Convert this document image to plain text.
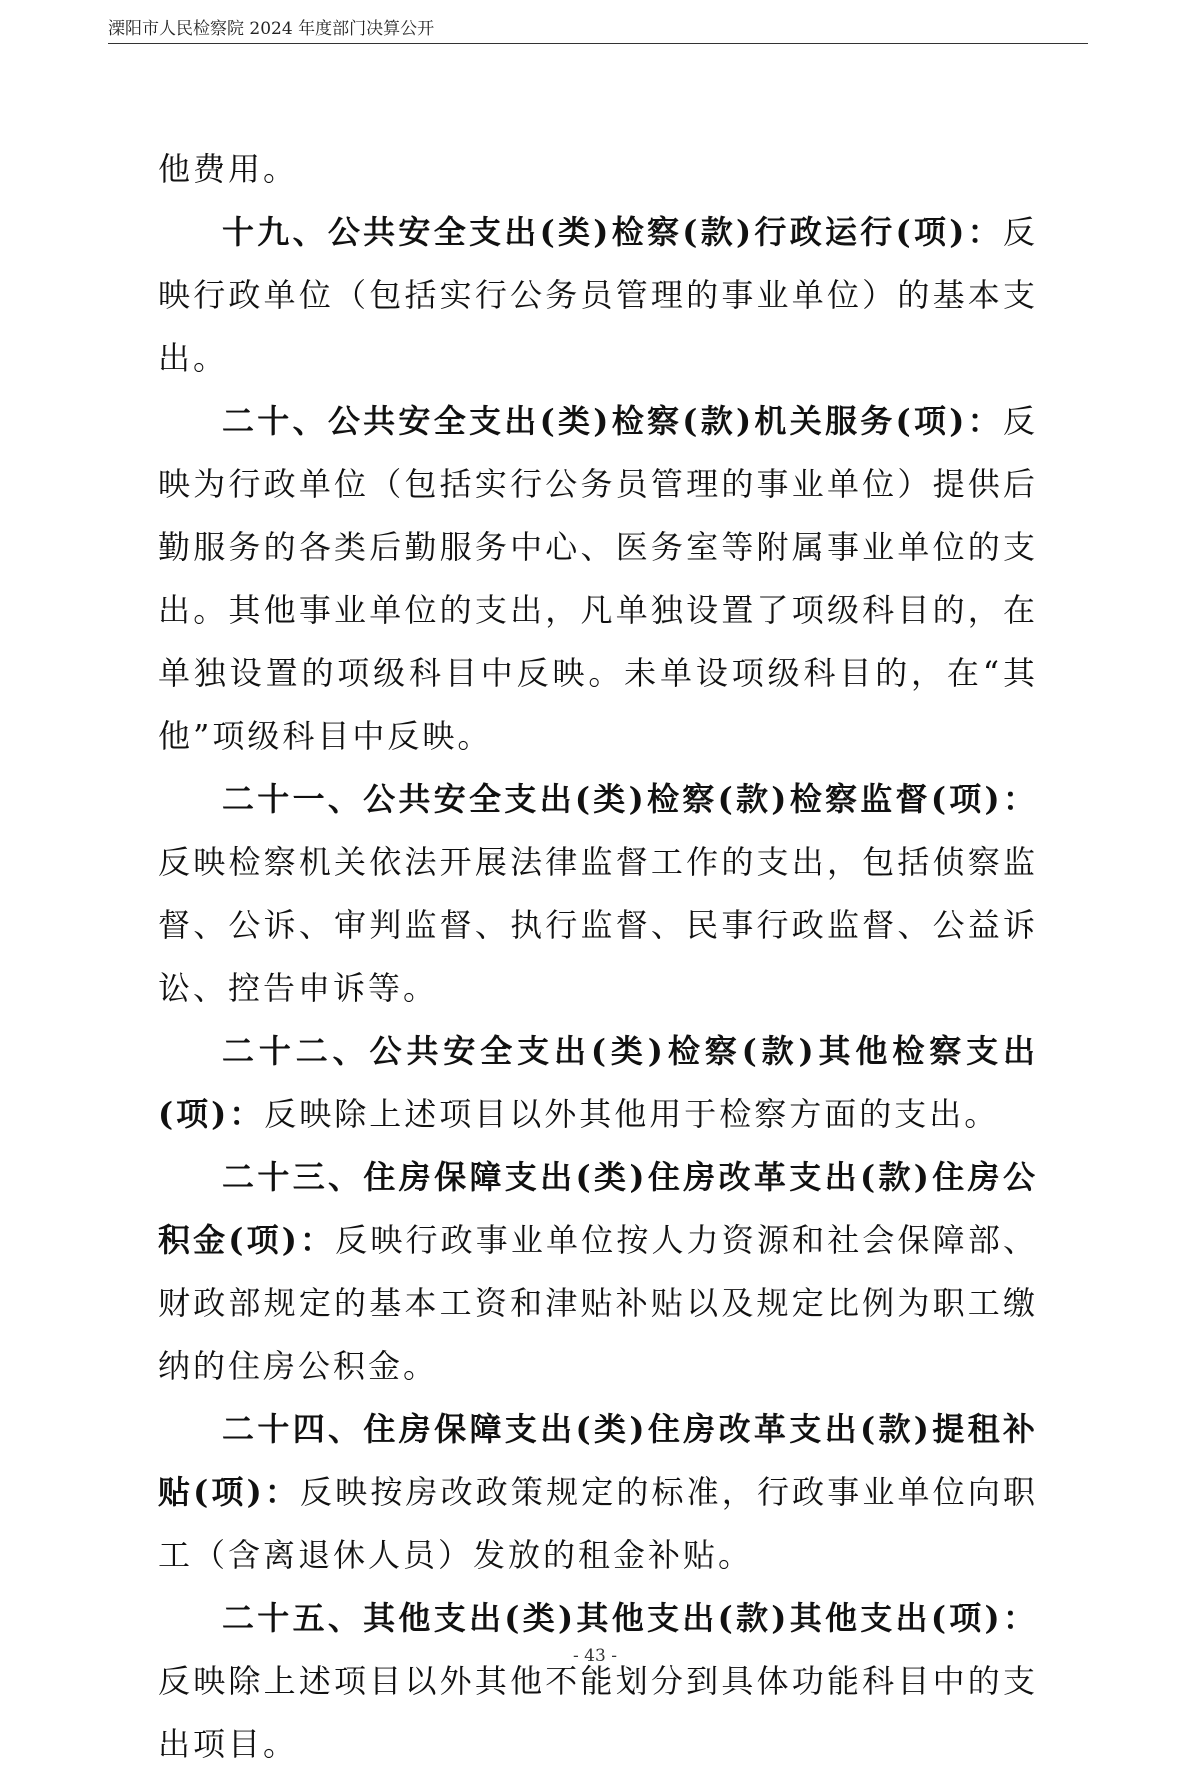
溧阳市人民检察院 2024 年度部门决算公开

他费用。

十九、公共安全支出(类)检察(款)行政运行(项)：反映行政单位（包括实行公务员管理的事业单位）的基本支出。

二十、公共安全支出(类)检察(款)机关服务(项)：反映为行政单位（包括实行公务员管理的事业单位）提供后勤服务的各类后勤服务中心、医务室等附属事业单位的支出。其他事业单位的支出，凡单独设置了项级科目的，在单独设置的项级科目中反映。未单设项级科目的，在“其他”项级科目中反映。

二十一、公共安全支出(类)检察(款)检察监督(项)：反映检察机关依法开展法律监督工作的支出，包括侦察监督、公诉、审判监督、执行监督、民事行政监督、公益诉讼、控告申诉等。

二十二、公共安全支出(类)检察(款)其他检察支出(项)：反映除上述项目以外其他用于检察方面的支出。

二十三、住房保障支出(类)住房改革支出(款)住房公积金(项)：反映行政事业单位按人力资源和社会保障部、财政部规定的基本工资和津贴补贴以及规定比例为职工缴纳的住房公积金。

二十四、住房保障支出(类)住房改革支出(款)提租补贴(项)：反映按房改政策规定的标准，行政事业单位向职工（含离退休人员）发放的租金补贴。

二十五、其他支出(类)其他支出(款)其他支出(项)：反映除上述项目以外其他不能划分到具体功能科目中的支出项目。

- 43 -
